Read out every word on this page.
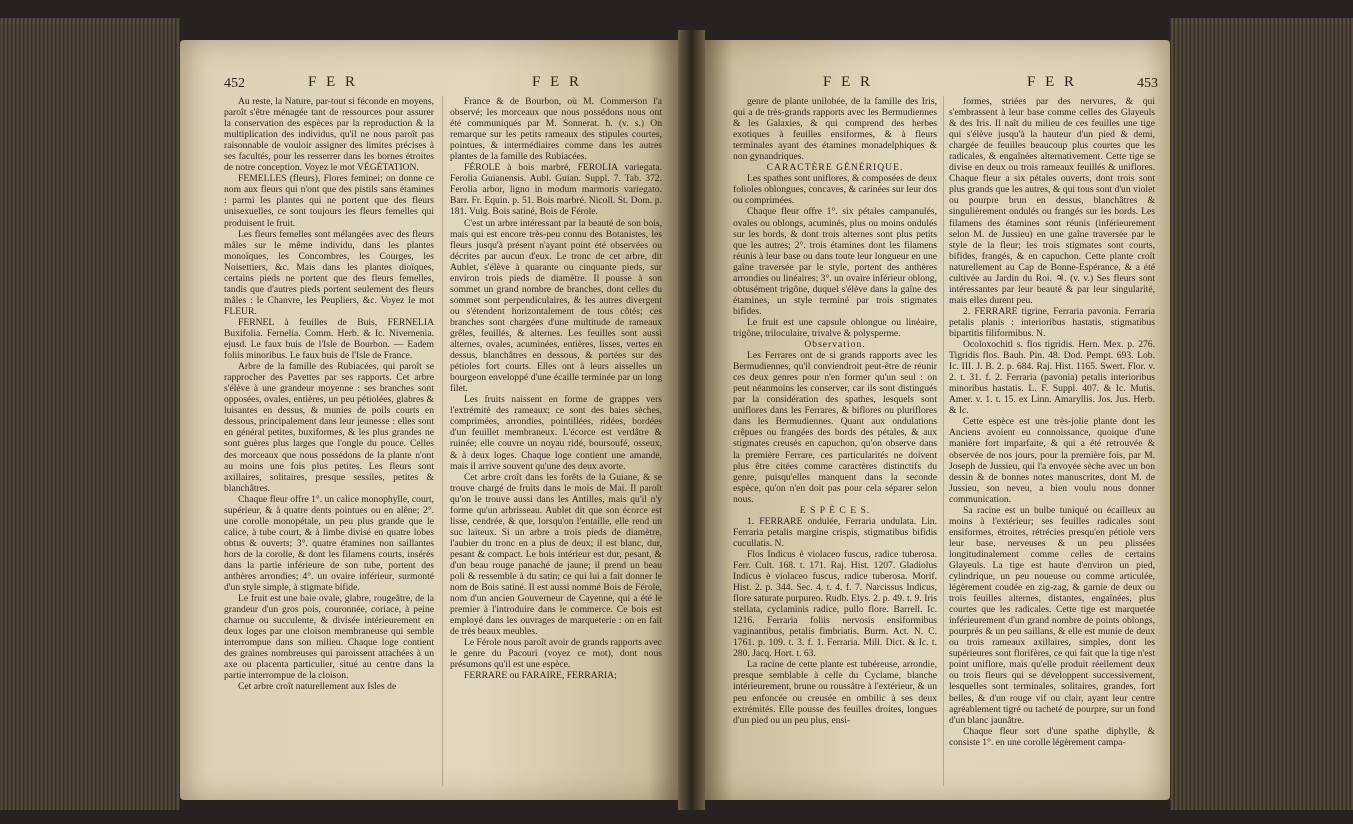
452	F E R	F E R

Au reste, la Nature, par-tout si féconde en moyens, paroît s'être ménagée tant de ressources pour assurer la conservation des espèces par la reproduction & la multiplication des individus, qu'il ne nous paroît pas raisonnable de vouloir assigner des limites précises à ses facultés, pour les resserrer dans les bornes étroites de notre conception. Voyez le mot VÉGÉTATION.

FEMELLES (fleurs), Flores feminei; on donne ce nom aux fleurs qui n'ont que des pistils sans étamines : parmi les plantes qui ne portent que des fleurs unisexuelles, ce sont toujours les fleurs femelles qui produisent le fruit.

Les fleurs femelles sont mélangées avec des fleurs mâles sur le même individu, dans les plantes monoïques, les Concombres, les Courges, les Noisettiers, &c. Mais dans les plantes dioïques, certains pieds ne portent que des fleurs femelles, tandis que d'autres pieds portent seulement des fleurs mâles : le Chanvre, les Peupliers, &c. Voyez le mot FLEUR.

FERNEL à feuilles de Buis, FERNELIA Buxifolia. Fernelia. Comm. Herb. & Ic. Nivernenia. ejusd. Le faux buis de l'Isle de Bourbon. — Eadem foliis minoribus. Le faux buis de l'Isle de France.

Arbre de la famille des Rubiacées, qui paroît se rapprocher des Pavettes par ses rapports. Cet arbre s'élève à une grandeur moyenne : ses branches sont opposées, ovales, entières, un peu pétiolées, glabres & luisantes en dessus, & munies de poils courts en dessous, principalement dans leur jeunesse : elles sont en général petites, buxiformes, & les plus grandes ne sont guères plus larges que l'ongle du pouce. Celles des morceaux que nous possédons de la plante n'ont au moins une fois plus petites. Les fleurs sont axillaires, solitaires, presque sessiles, petites & blanchâtres.

Chaque fleur offre 1°. un calice monophylle, court, supérieur, & à quatre dents pointues ou en alêne; 2°. une corolle monopétale, un peu plus grande que le calice, à tube court, & à limbe divisé en quatre lobes obtus & ouverts; 3°. quatre étamines non saillantes hors de la corolle, & dont les filamens courts, insérés dans la partie inférieure de son tube, portent des anthères arrondies; 4°. un ovaire inférieur, surmonté d'un style simple, à stigmate bifide.

Le fruit est une baie ovale, glabre, rougeâtre, de la grandeur d'un gros pois, couronnée, coriace, à peine charnue ou succulente, & divisée intérieurement en deux loges par une cloison membraneuse qui semble interrompue dans son milieu. Chaque loge contient des graines nombreuses qui paroissent attachées à un axe ou placenta particulier, situé au centre dans la partie interrompue de la cloison.

Cet arbre croît naturellement aux Isles de

France & de Bourbon, où M. Commerson l'a observé; les morceaux que nous possédons nous ont été communiqués par M. Sonnerat. ħ. (v. s.) On remarque sur les petits rameaux des stipules courtes, pointues, & intermédiaires comme dans les autres plantes de la famille des Rubiacées.

FÉROLE à bois marbré, FEROLIA variegata. Ferolia Guianensis. Aubl. Guian. Suppl. 7. Tab. 372. Ferolia arbor, ligno in modum marmoris variegato. Barr. Fr. Equin. p. 51. Bois marbré. Nicoll. St. Dom. p. 181. Vulg. Bois satiné, Bois de Férole.

C'est un arbre intéressant par la beauté de son bois, mais qui est encore très-peu connu des Botanistes, les fleurs jusqu'à présent n'ayant point été observées ou décrites par aucun d'eux. Le tronc de cet arbre, dit Aublet, s'élève à quarante ou cinquante pieds, sur environ trois pieds de diamètre. Il pousse à son sommet un grand nombre de branches, dont celles du sommet sont perpendiculaires, & les autres divergent ou s'étendent horizontalement de tous côtés; ces branches sont chargées d'une multitude de rameaux grêles, feuillés, & alternes. Les feuilles sont aussi alternes, ovales, acuminées, entières, lisses, vertes en dessus, blanchâtres en dessous, & portées sur des pétioles fort courts. Elles ont à leurs aisselles un bourgeon enveloppé d'une écaille terminée par un long filet.

Les fruits naissent en forme de grappes vers l'extrémité des rameaux; ce sont des baies sèches, comprimées, arrondies, pointillées, ridées, bordées d'un feuillet membraneux. L'écorce est verdâtre & ruinée; elle couvre un noyau ridé, boursoufé, osseux, & à deux loges. Chaque loge contient une amande, mais il arrive souvent qu'une des deux avorte.

Cet arbre croît dans les forêts de la Guiane, & se trouve chargé de fruits dans le mois de Mai. Il paroît qu'on le trouve aussi dans les Antilles, mais qu'il n'y forme qu'un arbrisseau. Aublet dit que son écorce est lisse, cendrée, & que, lorsqu'on l'entaille, elle rend un suc laiteux. Si un arbre a trois pieds de diamètre, l'aubier du tronc en a plus de deux; il est blanc, dur, pesant & compact. Le bois intérieur est dur, pesant, & d'un beau rouge panaché de jaune; il prend un beau poli & ressemble à du satin; ce qui lui a fait donner le nom de Bois satiné. Il est aussi nommé Bois de Férole, nom d'un ancien Gouverneur de Cayenne, qui a été le premier à l'introduire dans le commerce. Ce bois est employé dans les ouvrages de marqueterie : on en fait de très beaux meubles.

Le Férole nous paroît avoir de grands rapports avec le genre du Pacouri (voyez ce mot), dont nous présumons qu'il est une espèce.

FERRARE ou FARAIRE, FERRARIA;

F E R	F E R	453

genre de plante unilobée, de la famille des Iris, qui a de très-grands rapports avec les Bermudiennes & les Galaxies, & qui comprend des herbes exotiques à feuilles ensiformes, & à fleurs terminales ayant des étamines monadelphiques & non gynandriques.

CARACTÈRE GÉNÉRIQUE.

Les spathes sont uniflores, & composées de deux folioles oblongues, concaves, & carinées sur leur dos ou comprimées.

Chaque fleur offre 1°. six pétales campanulés, ovales ou oblongs, acuminés, plus ou moins ondulés sur les bords, & dont trois alternes sont plus petits que les autres; 2°. trois étamines dont les filamens réunis à leur base ou dans toute leur longueur en une gaîne traversée par le style, portent des anthères arrondies ou linéaires; 3°. un ovaire inférieur oblong, obtusément trigône, duquel s'élève dans la gaîne des étamines, un style terminé par trois stigmates bifides.

Le fruit est une capsule oblongue ou linéaire, trigône, triloculaire, trivalve & polysperme.

Observation.

Les Ferrares ont de si grands rapports avec les Bermudiennes, qu'il conviendroit peut-être de réunir ces deux genres pour n'en former qu'un seul : on peut néanmoins les conserver, car ils sont distingués par la considération des spathes, lesquels sont uniflores dans les Ferrares, & biflores ou pluriflores dans les Bermudiennes. Quant aux ondulations crêpues ou frangées des bords des pétales, & aux stigmates creusés en capuchon, qu'on observe dans la première Ferrare, ces particularités ne doivent plus être citées comme caractères distinctifs du genre, puisqu'elles manquent dans la seconde espèce, qu'on n'en doit pas pour cela séparer selon nous.

E S P È C E S.

1. FERRARE ondulée, Ferraria undulata. Lin. Ferraria petalis margine crispis, stigmatibus bifidis cucullatis. N.

Flos Indicus è violaceo fuscus, radice tuberosa. Ferr. Cult. 168. t. 171. Raj. Hist. 1207. Gladiolus Indicus è violaceo fuscus, radice tuberosa. Morif. Hist. 2. p. 344. Sec. 4. t. 4. f. 7. Narcissus Indicus, flore saturate purpureo. Rudb. Elys. 2. p. 49. t. 9. Iris stellata, cyclaminis radice, pullo flore. Barrell. Ic. 1216. Ferraria foliis nervosis ensiformibus vaginantibus, petalis fimbriatis. Burm. Act. N. C. 1761. p. 109. t. 3. f. 1. Ferraria. Mill. Dict. & Ic. t. 280. Jacq. Hort. t. 63.

La racine de cette plante est tubéreuse, arrondie, presque semblable à celle du Cyclame, blanche intérieurement, brune ou roussâtre à l'extérieur, & un peu enfoncée ou creusée en ombilic à ses deux extrémités. Elle pousse des feuilles droites, longues d'un pied ou un peu plus, ensi-

formes, striées par des nervures, & qui s'embrassent à leur base comme celles des Glayeuls & des Iris. Il naît du milieu de ces feuilles une tige qui s'élève jusqu'à la hauteur d'un pied & demi, chargée de feuilles beaucoup plus courtes que les radicales, & engaînées alternativement. Cette tige se divise en deux ou trois rameaux feuillés & uniflores. Chaque fleur a six pétales ouverts, dont trois sont plus grands que les autres, & qui tous sont d'un violet ou pourpre brun en dessus, blanchâtres & singulièrement ondulés ou frangés sur les bords. Les filamens des étamines sont réunis (inférieurement selon M. de Jussieu) en une gaîne traversée par le style de la fleur; les trois stigmates sont courts, bifides, frangés, & en capuchon. Cette plante croît naturellement au Cap de Bonne-Espérance, & a été cultivée au Jardin du Roi. ♃. (v. v.) Ses fleurs sont intéressantes par leur beauté & par leur singularité, mais elles durent peu.

2. FERRARE tigrine, Ferraria pavonia. Ferraria petalis planis : interioribus hastatis, stigmatibus bipartitis filiformibus. N.

Ocoloxochitl s. flos tigridis. Hern. Mex. p. 276. Tigridis flos. Bauh. Pin. 48. Dod. Pempt. 693. Lob. Ic. III. J. B. 2. p. 684. Raj. Hist. 1165. Swert. Flor. v. 2. t. 31. f. 2. Ferraria (pavonia) petalis interioribus minoribus hastatis. L. F. Suppl. 407. & Ic. Mutis. Amer. v. 1. t. 15. ex Linn. Amaryllis. Jos. Jus. Herb. & Ic.

Cette espèce est une très-jolie plante dont les Anciens avoient eu connoissance, quoique d'une manière fort imparfaite, & qui a été retrouvée & observée de nos jours, pour la première fois, par M. Joseph de Jussieu, qui l'a envoyée sèche avec un bon dessin & de bonnes notes manuscrites, dont M. de Jussieu, son neveu, a bien voulu nous donner communication.

Sa racine est un bulbe tuniqué ou écailleux au moins à l'extérieur; ses feuilles radicales sont ensiformes, étroites, rétrécies presqu'en pétiole vers leur base, nerveuses & un peu plissées longitudinalement comme celles de certains Glayeuls. La tige est haute d'environ un pied, cylindrique, un peu noueuse ou comme articulée, légèrement coudée en zig-zag, & garnie de deux ou trois feuilles alternes, distantes, engaînées, plus courtes que les radicales. Cette tige est marquetée inférieurement d'un grand nombre de points oblongs, pourprés & un peu saillans, & elle est munie de deux ou trois rameaux axillaires, simples, dont les supérieures sont florifères, ce qui fait que la tige n'est point uniflore, mais qu'elle produit réellement deux ou trois fleurs qui se développent successivement, lesquelles sont terminales, solitaires, grandes, fort belles, & d'un rouge vif ou clair, ayant leur centre agréablement tigré ou tacheté de pourpre, sur un fond d'un blanc jaunâtre.

Chaque fleur sort d'une spathe diphylle, & consiste 1°. en une corolle légèrement campa-
